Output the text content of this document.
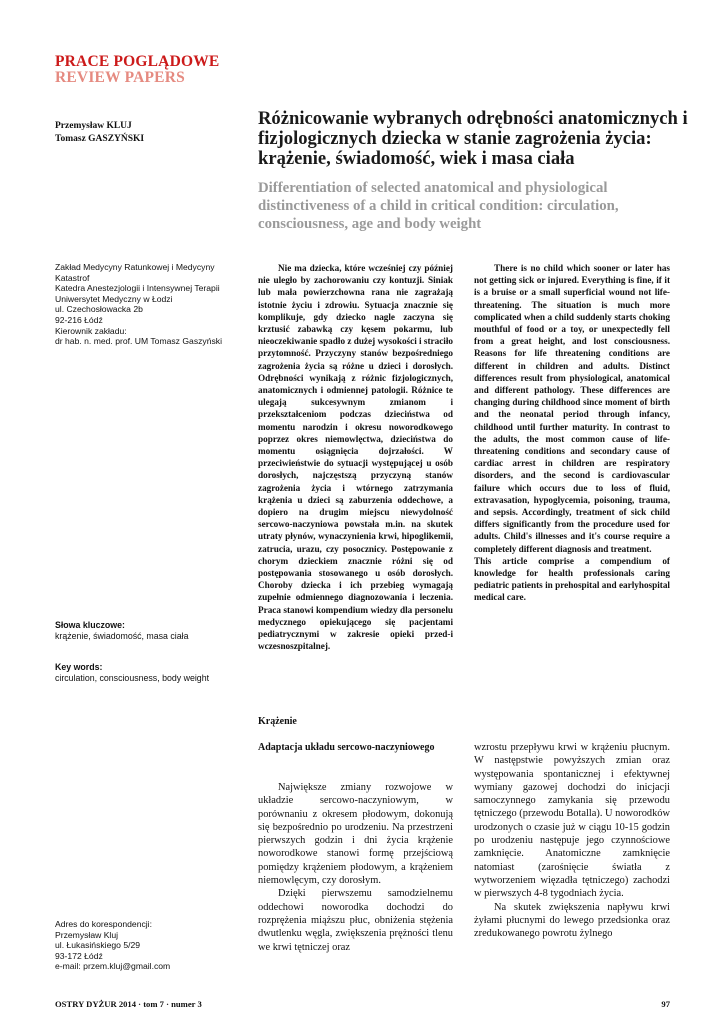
PRACE POGLĄDOWE
REVIEW PAPERS
Przemysław KLUJ
Tomasz GASZYŃSKI
Różnicowanie wybranych odrębności anatomicznych i fizjologicznych dziecka w stanie zagrożenia życia: krążenie, świadomość, wiek i masa ciała
Differentiation of selected anatomical and physiological distinctiveness of a child in critical condition: circulation, consciousness, age and body weight
Zakład Medycyny Ratunkowej i Medycyny Katastrof
Katedra Anestezjologii i Intensywnej Terapii
Uniwersytet Medyczny w Łodzi
ul. Czechosłowacka 2b
92-216 Łódź
Kierownik zakładu:
dr hab. n. med. prof. UM Tomasz Gaszyński
Słowa kluczowe:
krążenie, świadomość, masa ciała
Key words:
circulation, consciousness, body weight

Nie ma dziecka, które wcześniej czy później nie uległo by zachorowaniu czy kontuzji. Siniak lub mała powierzchowna rana nie zagrażają istotnie życiu i zdrowiu. Sytuacja znacznie się komplikuje, gdy dziecko nagle zaczyna się krztusić zabawką czy kęsem pokarmu, lub nieoczekiwanie spadło z dużej wysokości i straciło przytomność. Przyczyny stanów bezpośredniego zagrożenia życia są różne u dzieci i dorosłych. Odrębności wynikają z różnic fizjologicznych, anatomicznych i odmiennej patologii. Różnice te ulegają sukcesywnym zmianom i przekształceniom podczas dzieciństwa od momentu narodzin i okresu noworodkowego poprzez okres niemowlęctwa, dzieciństwa do momentu osiągnięcia dojrzałości. W przeciwieństwie do sytuacji występującej u osób dorosłych, najczęstszą przyczyną stanów zagrożenia życia i wtórnego zatrzymania krążenia u dzieci są zaburzenia oddechowe, a dopiero na drugim miejscu niewydolność sercowo-naczyniowa powstała m.in. na skutek utraty płynów, wynaczynienia krwi, hipoglikemii, zatrucia, urazu, czy posocznicy. Postępowanie z chorym dzieckiem znacznie różni się od postępowania stosowanego u osób dorosłych. Choroby dziecka i ich przebieg wymagają zupełnie odmiennego diagnozowania i leczenia. Praca stanowi kompendium wiedzy dla personelu medycznego opiekującego się pacjentami pediatrycznymi w zakresie opieki przed-i wczesnoszpitalnej.

There is no child which sooner or later has not getting sick or injured. Everything is fine, if it is a bruise or a small superficial wound not life-threatening. The situation is much more complicated when a child suddenly starts choking mouthful of food or a toy, or unexpectedly fell from a great height, and lost consciousness. Reasons for life threatening conditions are different in children and adults. Distinct differences result from physiological, anatomical and different pathology. These differences are changing during childhood since moment of birth and the neonatal period through infancy, childhood until further maturity. In contrast to the adults, the most common cause of life-threatening conditions and secondary cause of cardiac arrest in children are respiratory disorders, and the second is cardiovascular failure which occurs due to loss of fluid, extravasation, hypoglycemia, poisoning, trauma, and sepsis. Accordingly, treatment of sick child differs significantly from the procedure used for adults. Child's illnesses and it's course require a completely different diagnosis and treatment.

This article comprise a compendium of knowledge for health professionals caring pediatric patients in prehospital and earlyhospital medical care.

Krążenie
Adaptacja układu sercowo-naczyniowego

Największe zmiany rozwojowe w układzie sercowo-naczyniowym, w porównaniu z okresem płodowym, dokonują się bezpośrednio po urodzeniu. Na przestrzeni pierwszych godzin i dni życia krążenie noworodkowe stanowi formę przejściową pomiędzy krążeniem płodowym, a krążeniem niemowlęcym, czy dorosłym.

Dzięki pierwszemu samodzielnemu oddechowi noworodka dochodzi do rozprężenia miąższu płuc, obniżenia stężenia dwutlenku węgla, zwiększenia prężności tlenu we krwi tętniczej oraz

wzrostu przepływu krwi w krążeniu płucnym. W następstwie powyższych zmian oraz występowania spontanicznej i efektywnej wymiany gazowej dochodzi do inicjacji samoczynnego zamykania się przewodu tętniczego (przewodu Botalla). U noworodków urodzonych o czasie już w ciągu 10-15 godzin po urodzeniu następuje jego czynnościowe zamknięcie. Anatomiczne zamknięcie natomiast (zarośnięcie światła z wytworzeniem więzadła tętniczego) zachodzi w pierwszych 4-8 tygodniach życia.

Na skutek zwiększenia napływu krwi żyłami płucnymi do lewego przedsionka oraz zredukowanego powrotu żylnego

Adres do korespondencji:
Przemysław Kluj
ul. Łukasińskiego 5/29
93-172 Łódź
e-mail: przem.kluj@gmail.com
OSTRY DYŻUR 2014 · tom 7 · numer 3	97
